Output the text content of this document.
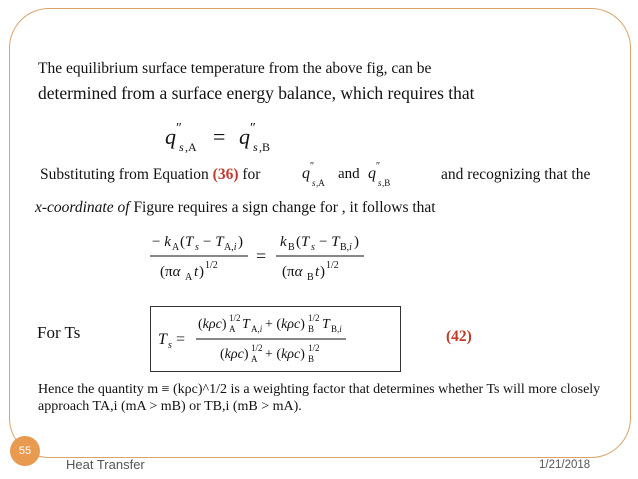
The equilibrium surface temperature from the above fig, can be
determined from a surface energy balance, which requires that
q ″
s ,A = q ″
s ,B
Substituting from Equation (36) for	q ″
s ,A
and q ″
s ,B	and recognizing that the
x-coordinate of Figure requires a sign change for , it follows that
− k A (T s − T A,i )
(πα A t ) 1/2 =
k B (T s − T B,i )
(πα B t ) 1/2
For Ts	T s =
(kρc) 1/2
A T A,i + (kρc) 1/2
B T B,i
(kρc) 1/2
A + (kρc) 1/2
B
(42)
Hence the quantity m ≡ (kρc)^1/2 is a weighting factor that determines whether Ts will more closely approach TA,i (mA > mB) or TB,i (mB > mA).
55
Heat Transfer	1/21/2018
